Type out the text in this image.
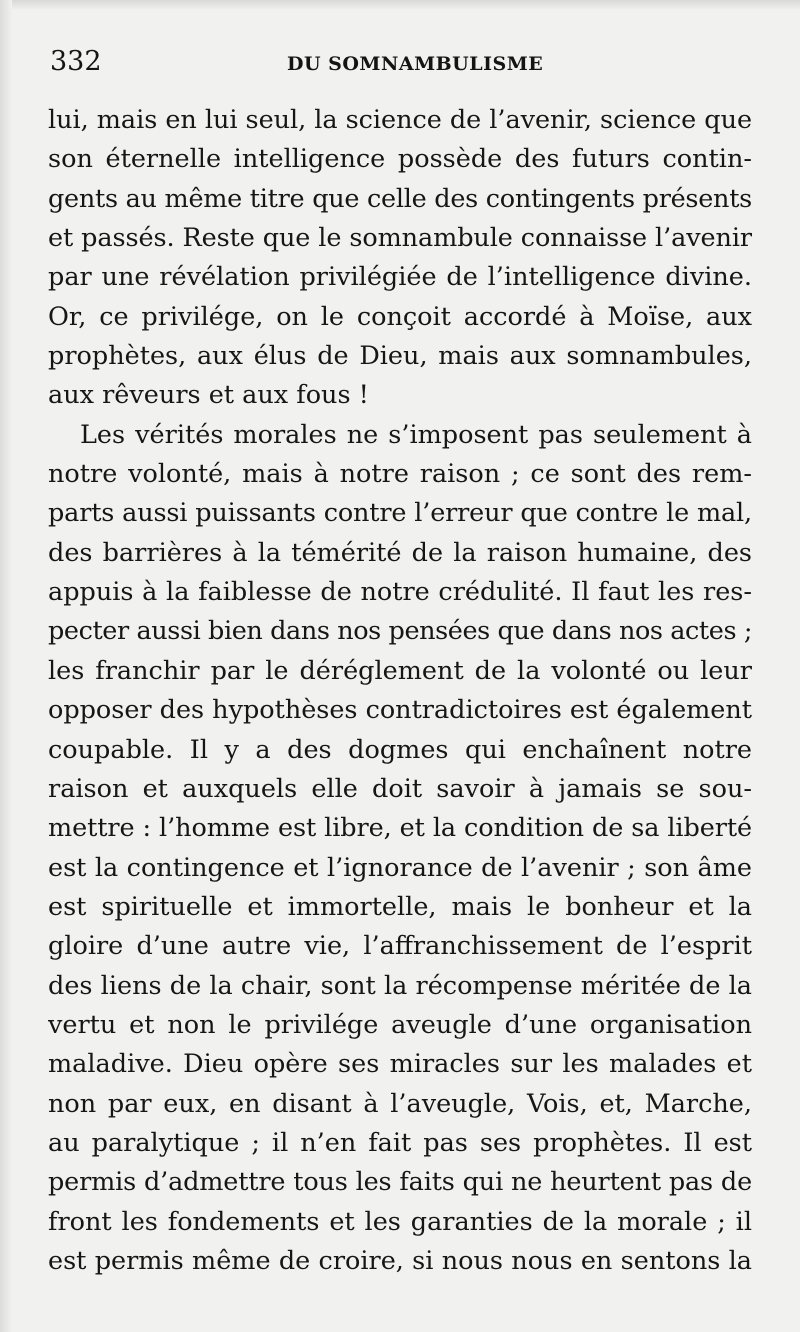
332	DU SOMNAMBULISME
lui, mais en lui seul, la science de l’avenir, science que
son éternelle intelligence possède des futurs contin-
gents au même titre que celle des contingents présents
et passés. Reste que le somnambule connaisse l’avenir
par une révélation privilégiée de l’intelligence divine.
Or, ce privilége, on le conçoit accordé à Moïse, aux
prophètes, aux élus de Dieu, mais aux somnambules,
aux rêveurs et aux fous !
Les vérités morales ne s’imposent pas seulement à
notre volonté, mais à notre raison ; ce sont des rem-
parts aussi puissants contre l’erreur que contre le mal,
des barrières à la témérité de la raison humaine, des
appuis à la faiblesse de notre crédulité. Il faut les res-
pecter aussi bien dans nos pensées que dans nos actes ;
les franchir par le déréglement de la volonté ou leur
opposer des hypothèses contradictoires est également
coupable. Il y a des dogmes qui enchaînent notre
raison et auxquels elle doit savoir à jamais se sou-
mettre : l’homme est libre, et la condition de sa liberté
est la contingence et l’ignorance de l’avenir ; son âme
est spirituelle et immortelle, mais le bonheur et la
gloire d’une autre vie, l’affranchissement de l’esprit
des liens de la chair, sont la récompense méritée de la
vertu et non le privilége aveugle d’une organisation
maladive. Dieu opère ses miracles sur les malades et
non par eux, en disant à l’aveugle, Vois, et, Marche,
au paralytique ; il n’en fait pas ses prophètes. Il est
permis d’admettre tous les faits qui ne heurtent pas de
front les fondements et les garanties de la morale ; il
est permis même de croire, si nous nous en sentons la
